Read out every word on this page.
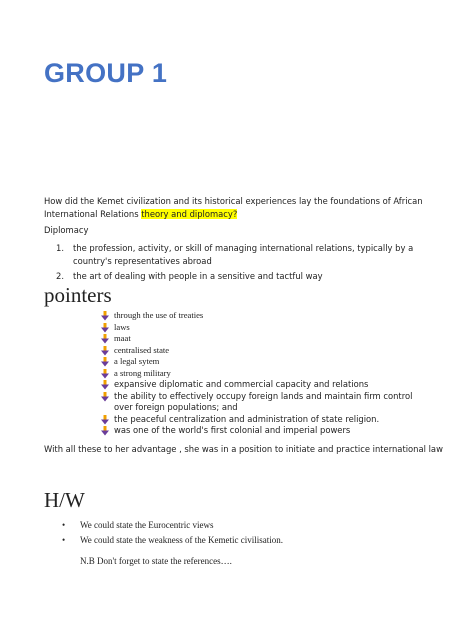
GROUP 1
How did the Kemet civilization and its historical experiences lay the foundations of African International Relations theory and diplomacy?
Diplomacy
1. the profession, activity, or skill of managing international relations, typically by a country's representatives abroad
2. the art of dealing with people in a sensitive and tactful way
pointers
through the use of treaties
laws
maat
centralised state
a legal sytem
a strong military
expansive diplomatic and commercial capacity and relations
the ability to effectively occupy foreign lands and maintain firm control over foreign populations; and
the peaceful centralization and administration of state religion.
was one of the world's first colonial and imperial powers
With all these to her advantage , she was in a position to initiate and practice international law
H/W
• We could state the Eurocentric views
• We could state the weakness of the Kemetic civilisation.
N.B Don't forget to state the references….
